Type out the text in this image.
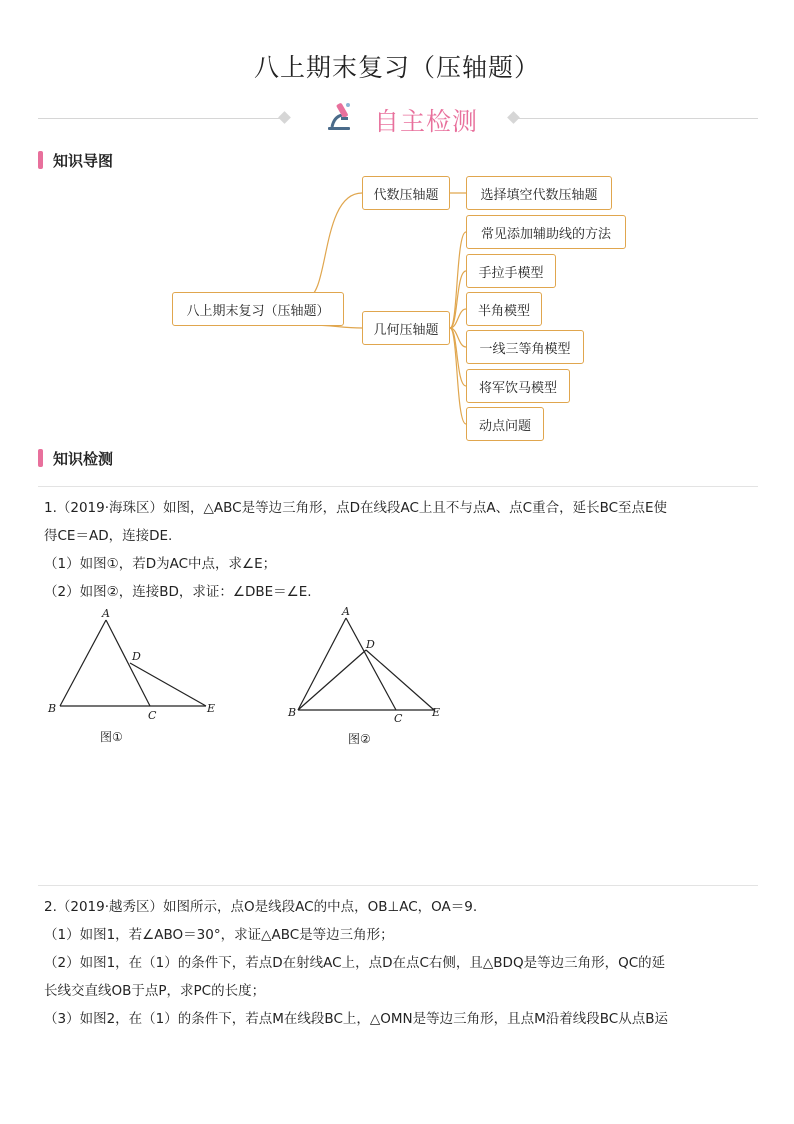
八上期末复习（压轴题）
自主检测
知识导图
八上期末复习（压轴题）
代数压轴题
几何压轴题
选择填空代数压轴题
常见添加辅助线的方法
手拉手模型
半角模型
一线三等角模型
将军饮马模型
动点问题
知识检测
1.（2019·海珠区）如图，△ABC是等边三角形，点D在线段AC上且不与点A、点C重合，延长BC至点E使
得CE＝AD，连接DE.
（1）如图①，若D为AC中点，求∠E；
（2）如图②，连接BD，求证：∠DBE＝∠E.
A
B
C
D
E
图①
A
B	C
D
E
图②
2.（2019·越秀区）如图所示，点O是线段AC的中点，OB⊥AC，OA＝9.
（1）如图1，若∠ABO＝30°，求证△ABC是等边三角形；
（2）如图1，在（1）的条件下，若点D在射线AC上，点D在点C右侧，且△BDQ是等边三角形，QC的延
长线交直线OB于点P，求PC的长度；
（3）如图2，在（1）的条件下，若点M在线段BC上，△OMN是等边三角形，且点M沿着线段BC从点B运
